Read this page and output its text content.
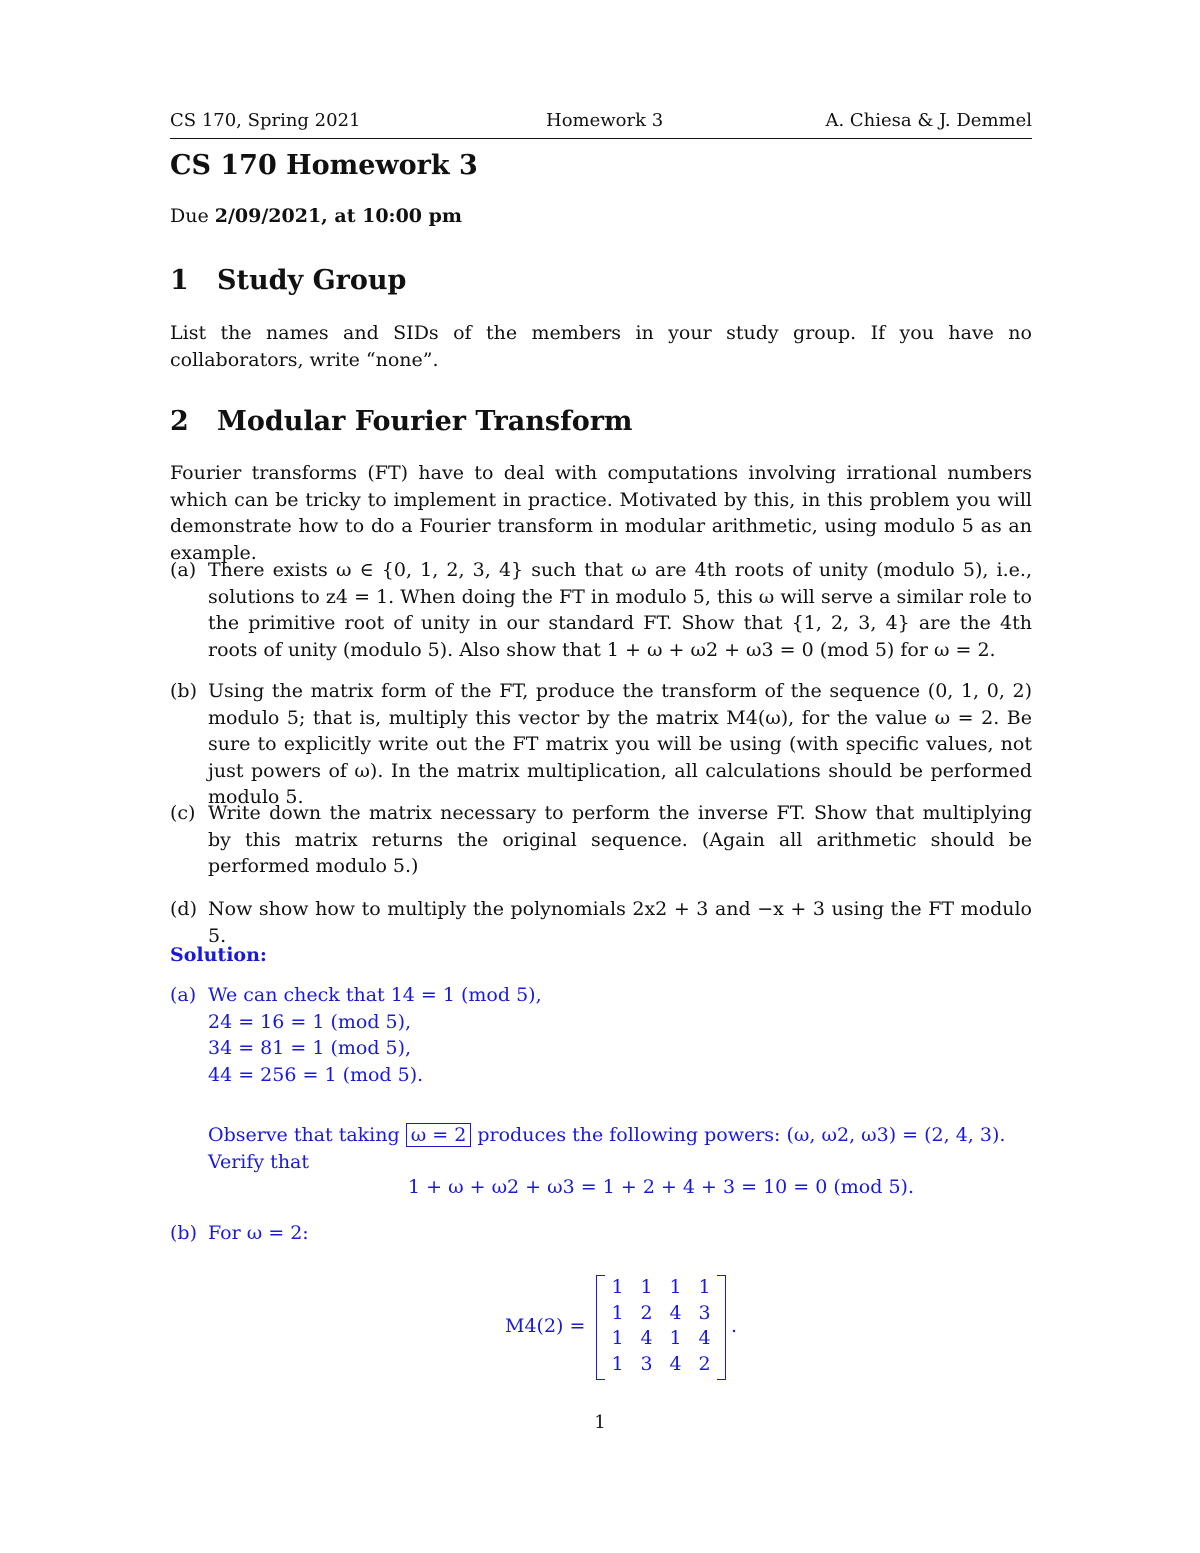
CS 170, Spring 2021	Homework 3	A. Chiesa & J. Demmel
CS 170 Homework 3
Due 2/09/2021, at 10:00 pm
1 Study Group

List the names and SIDs of the members in your study group. If you have no collaborators, write “none”.

2 Modular Fourier Transform

Fourier transforms (FT) have to deal with computations involving irrational numbers which can be tricky to implement in practice. Motivated by this, in this problem you will demonstrate how to do a Fourier transform in modular arithmetic, using modulo 5 as an example.

(a) There exists ω ∈ {0, 1, 2, 3, 4} such that ω are 4th roots of unity (modulo 5), i.e., solutions to z4 = 1. When doing the FT in modulo 5, this ω will serve a similar role to the primitive root of unity in our standard FT. Show that {1, 2, 3, 4} are the 4th roots of unity (modulo 5). Also show that 1 + ω + ω2 + ω3 = 0 (mod 5) for ω = 2.
(b) Using the matrix form of the FT, produce the transform of the sequence (0, 1, 0, 2) modulo 5; that is, multiply this vector by the matrix M4(ω), for the value ω = 2. Be sure to explicitly write out the FT matrix you will be using (with specific values, not just powers of ω). In the matrix multiplication, all calculations should be performed modulo 5.
(c) Write down the matrix necessary to perform the inverse FT. Show that multiplying by this matrix returns the original sequence. (Again all arithmetic should be performed modulo 5.)
(d) Now show how to multiply the polynomials 2x2 + 3 and −x + 3 using the FT modulo 5.
Solution:
(a) We can check that 14 = 1 (mod 5),
24 = 16 = 1 (mod 5),
34 = 81 = 1 (mod 5),
44 = 256 = 1 (mod 5).
Observe that taking ω = 2 produces the following powers: (ω, ω2, ω3) = (2, 4, 3). Verify that
1 + ω + ω2 + ω3 = 1 + 2 + 4 + 3 = 10 = 0 (mod 5).
(b) For ω = 2:
M4(2) =
1 1 1 1
1 2 4 3
1 4 1 4
1 3 4 2
.
1
